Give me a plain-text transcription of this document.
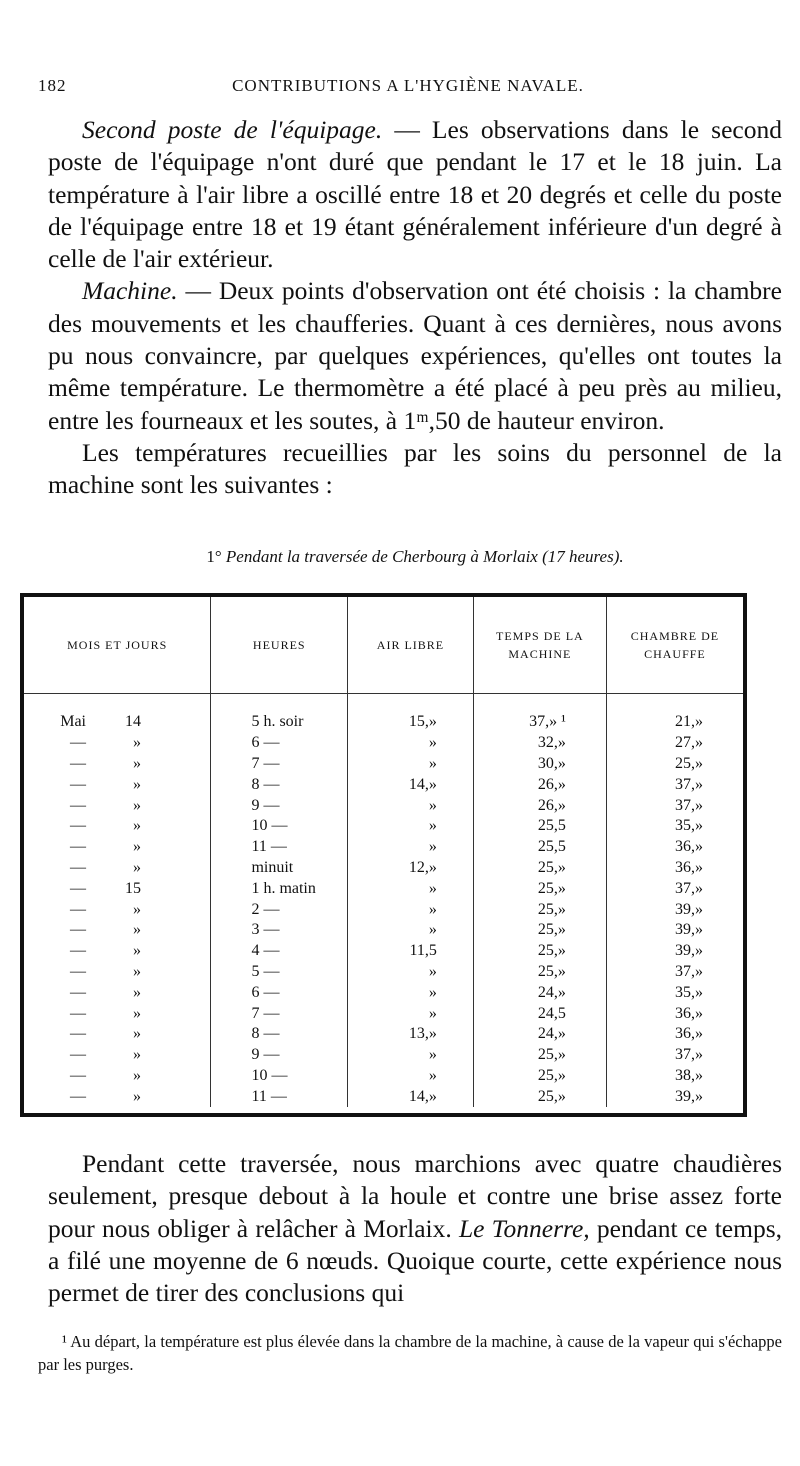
182	CONTRIBUTIONS A L'HYGIÈNE NAVALE.

Second poste de l'équipage. — Les observations dans le second poste de l'équipage n'ont duré que pendant le 17 et le 18 juin. La température à l'air libre a oscillé entre 18 et 20 degrés et celle du poste de l'équipage entre 18 et 19 étant généralement inférieure d'un degré à celle de l'air extérieur.

Machine. — Deux points d'observation ont été choisis : la chambre des mouvements et les chaufferies. Quant à ces dernières, nous avons pu nous convaincre, par quelques expériences, qu'elles ont toutes la même température. Le thermomètre a été placé à peu près au milieu, entre les fourneaux et les soutes, à 1ᵐ,50 de hauteur environ.

Les températures recueillies par les soins du personnel de la machine sont les suivantes :

1° Pendant la traversée de Cherbourg à Morlaix (17 heures).
MOIS ET JOURS	HEURES	AIR LIBRE	TEMPS DE LA MACHINE	CHAMBRE DE CHAUFFE
Mai 14	5 h. soir	15,»	37,» ¹	21,»
— »	6 —	»	32,»	27,»
— »	7 —	»	30,»	25,»
— »	8 —	14,»	26,»	37,»
— »	9 —	»	26,»	37,»
— »	10 —	»	25,5	35,»
— »	11 —	»	25,5	36,»
— »	minuit	12,»	25,»	36,»
— 15	1 h. matin	»	25,»	37,»
— »	2 —	»	25,»	39,»
— »	3 —	»	25,»	39,»
— »	4 —	11,5	25,»	39,»
— »	5 —	»	25,»	37,»
— »	6 —	»	24,»	35,»
— »	7 —	»	24,5	36,»
— »	8 —	13,»	24,»	36,»
— »	9 —	»	25,»	37,»
— »	10 —	»	25,»	38,»
— »	11 —	14,»	25,»	39,»

Pendant cette traversée, nous marchions avec quatre chaudières seulement, presque debout à la houle et contre une brise assez forte pour nous obliger à relâcher à Morlaix. Le Tonnerre, pendant ce temps, a filé une moyenne de 6 nœuds. Quoique courte, cette expérience nous permet de tirer des conclusions qui

¹ Au départ, la température est plus élevée dans la chambre de la machine, à cause de la vapeur qui s'échappe par les purges.
